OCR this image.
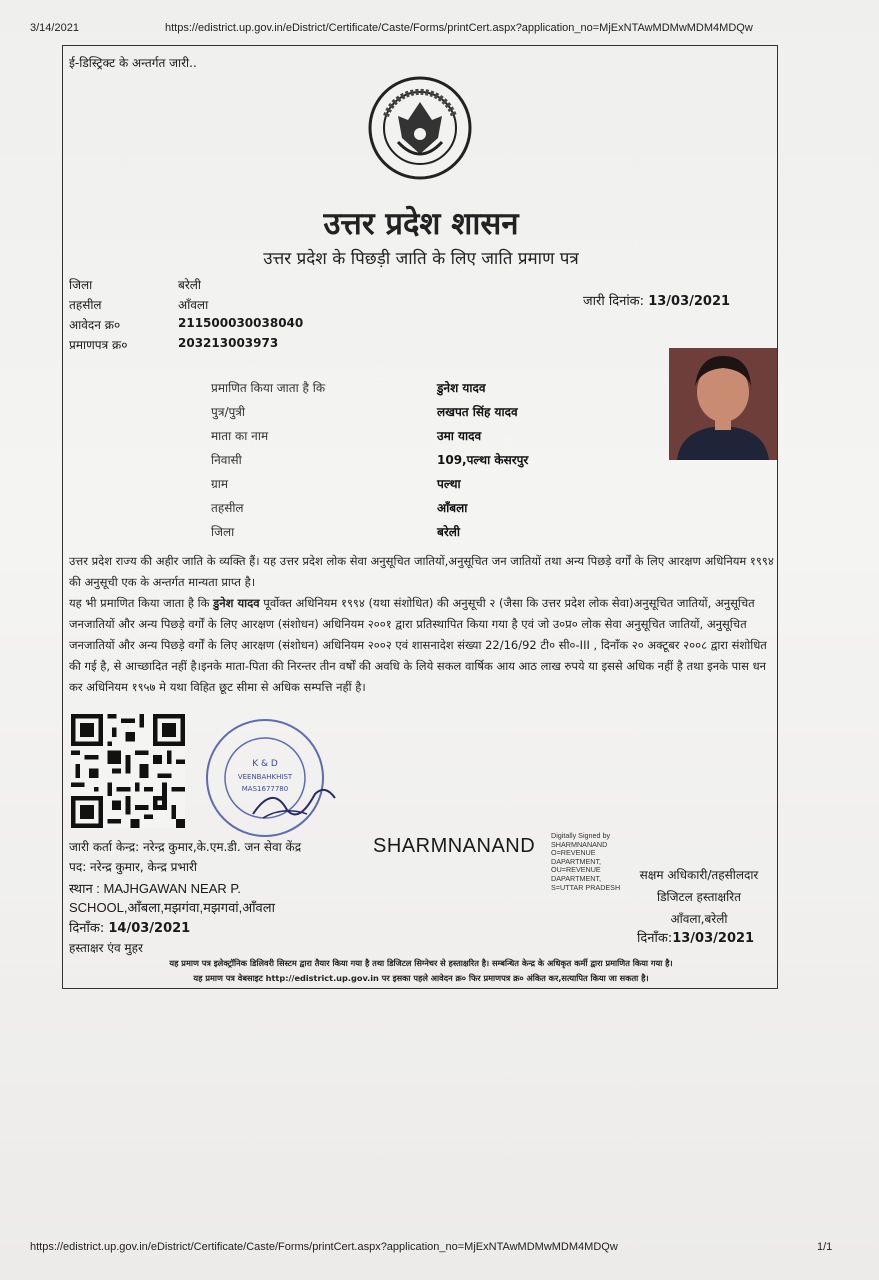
3/14/2021	https://edistrict.up.gov.in/eDistrict/Certificate/Caste/Forms/printCert.aspx?application_no=MjExNTAwMDMwMDM4MDQw
ई-डिस्ट्रिक्ट के अन्तर्गत जारी..
उत्तर प्रदेश शासन
उत्तर प्रदेश के पिछड़ी जाति के लिए जाति प्रमाण पत्र
जिला	बरेली
तहसील	आँवला
आवेदन क्र०	211500030038040
प्रमाणपत्र क्र०	203213003973
जारी दिनांक: 13/03/2021
प्रमाणित किया जाता है कि	डुनेश यादव
पुत्र/पुत्री	लखपत सिंह यादव
माता का नाम	उमा यादव
निवासी	109,पल्था केसरपुर
ग्राम	पल्था
तहसील	आँबला
जिला	बरेली

उत्तर प्रदेश राज्य की अहीर जाति के व्यक्ति हैं। यह उत्तर प्रदेश लोक सेवा अनुसूचित जातियों,अनुसूचित जन जातियों तथा अन्य पिछड़े वर्गों के लिए आरक्षण अधिनियम १९९४ की अनुसूची एक के अन्तर्गत मान्यता प्राप्त है।

यह भी प्रमाणित किया जाता है कि डुनेश यादव पूर्वोक्त अधिनियम १९९४ (यथा संशोधित) की अनुसूची २ (जैसा कि उत्तर प्रदेश लोक सेवा)अनुसूचित जातियों, अनुसूचित जनजातियों और अन्य पिछड़े वर्गों के लिए आरक्षण (संशोधन) अधिनियम २००१ द्वारा प्रतिस्थापित किया गया है एवं जो उ०प्र० लोक सेवा अनुसूचित जातियों, अनुसूचित जनजातियों और अन्य पिछड़े वर्गों के लिए आरक्षण (संशोधन) अधिनियम २००२ एवं शासनादेश संख्या 22/16/92 टी० सी०-III , दिनाँक २० अक्टूबर २००८ द्वारा संशोधित की गई है, से आच्छादित नहीं है।इनके माता-पिता की निरन्तर तीन वर्षों की अवधि के लिये सकल वार्षिक आय आठ लाख रुपये या इससे अधिक नहीं है तथा इनके पास धन कर अधिनियम १९५७ मे यथा विहित छूट सीमा से अधिक सम्पत्ति नहीं है।

K & D
VEENBAHKHIST
MAS1677780
जारी कर्ता केन्द्र: नरेन्द्र कुमार,के.एम.डी. जन सेवा केंद्र	SHARMNANAND Digitally Signed by SHARMNANAND O=REVENUE DAPARTMENT, OU=REVENUE DAPARTMENT, S=UTTAR PRADESH
पद: नरेन्द्र कुमार, केन्द्र प्रभारी
स्थान : MAJHGAWAN NEAR P.
SCHOOL,आँबला,मझगंवा,मझगवां,आँवला
दिनाँक: 14/03/2021
हस्ताक्षर एंव मुहर
सक्षम अधिकारी/तहसीलदार
डिजिटल हस्ताक्षरित
आँवला,बरेली
दिनाँक:13/03/2021
यह प्रमाण पत्र इलेक्ट्रॉनिक डिलिवरी सिस्टम द्वारा तैयार किया गया है तथा डिजिटल सिग्नेचर से हस्ताक्षरित है। सम्बन्धित केन्द्र के अधिकृत कर्मी द्वारा प्रमाणित किया गया है।
यह प्रमाण पत्र वेबसाइट http://edistrict.up.gov.in पर इसका पहले आवेदन क्र० फिर प्रमाणपत्र क्र० अंकित कर,सत्यापित किया जा सकता है।
https://edistrict.up.gov.in/eDistrict/Certificate/Caste/Forms/printCert.aspx?application_no=MjExNTAwMDMwMDM4MDQw	1/1
